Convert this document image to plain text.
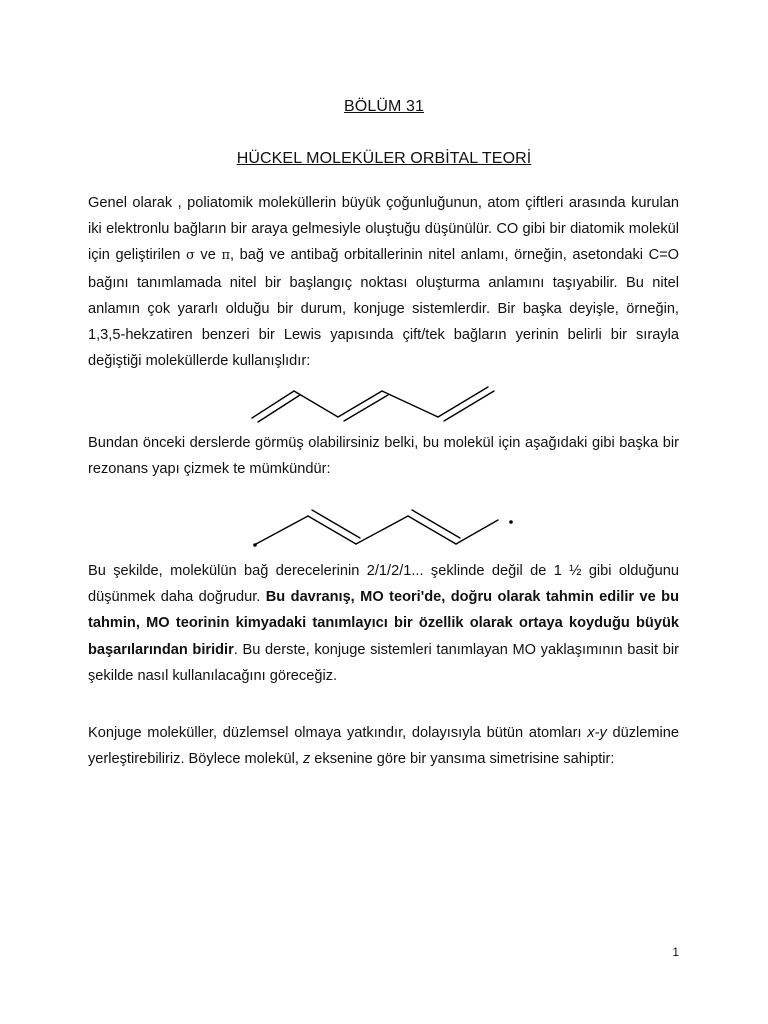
BÖLÜM 31
HÜCKEL MOLEKÜLER ORBİTAL TEORİ

Genel olarak , poliatomik moleküllerin büyük çoğunluğunun, atom çiftleri arasında kurulan iki elektronlu bağların bir araya gelmesiyle oluştuğu düşünülür. CO gibi bir diatomik molekül için geliştirilen σ ve π, bağ ve antibağ orbitallerinin nitel anlamı, örneğin, asetondaki C=O bağını tanımlamada nitel bir başlangıç noktası oluşturma anlamını taşıyabilir. Bu nitel anlamın çok yararlı olduğu bir durum, konjuge sistemlerdir. Bir başka deyişle, örneğin, 1,3,5-hekzatiren benzeri bir Lewis yapısında çift/tek bağların yerinin belirli bir sırayla değiştiği moleküllerde kullanışlıdır:

Bundan önceki derslerde görmüş olabilirsiniz belki, bu molekül için aşağıdaki gibi başka bir rezonans yapı çizmek te mümkündür:

Bu şekilde, molekülün bağ derecelerinin 2/1/2/1... şeklinde değil de 1 ½ gibi olduğunu düşünmek daha doğrudur. Bu davranış, MO teori'de, doğru olarak tahmin edilir ve bu tahmin, MO teorinin kimyadaki tanımlayıcı bir özellik olarak ortaya koyduğu büyük başarılarından biridir. Bu derste, konjuge sistemleri tanımlayan MO yaklaşımının basit bir şekilde nasıl kullanılacağını göreceğiz.

Konjuge moleküller, düzlemsel olmaya yatkındır, dolayısıyla bütün atomları x-y düzlemine yerleştirebiliriz. Böylece molekül, z eksenine göre bir yansıma simetrisine sahiptir:

1
